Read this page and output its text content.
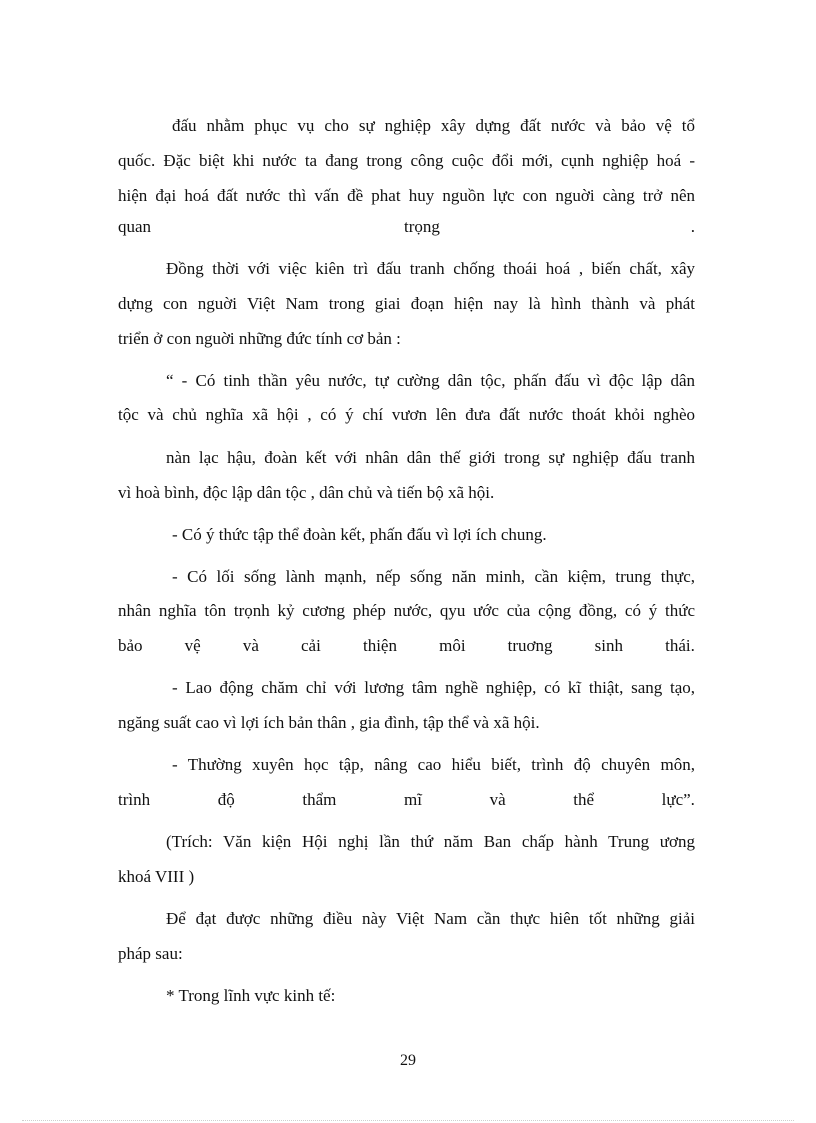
đấu nhằm phục vụ cho sự nghiệp xây dựng đất nước và bảo vệ tổ
quốc. Đặc biệt khi nước ta đang trong công cuộc đổi mới, cụnh nghiệp hoá -
hiện đại hoá đất nước thì vấn đề phat huy nguồn lực con nguời càng trở nên
quan	trọng	.
Đồng thời với việc kiên trì đấu tranh chống thoái hoá , biến chất, xây
dựng con nguời Việt Nam trong giai đoạn hiện nay là hình thành và phát
triển ở con nguời những đức tính cơ bản :
“ - Có tinh thần yêu nước, tự cường dân tộc, phấn đấu vì độc lập dân
tộc và chủ nghĩa xã hội , có ý chí vươn lên đưa đất nước thoát khỏi nghèo
nàn lạc hậu, đoàn kết với nhân dân thế giới trong sự nghiệp đấu tranh
vì hoà bình, độc lập dân tộc , dân chủ và tiến bộ xã hội.
- Có ý thức tập thể đoàn kết, phấn đấu vì lợi ích chung.
- Có lối sống lành mạnh, nếp sống năn minh, cần kiệm, trung thực,
nhân nghĩa tôn trọnh kỷ cương phép nước, qyu ước của cộng đồng, có ý thức
bảo vệ và cải thiện môi truơng sinh thái.
- Lao động chăm chỉ với lương tâm nghề nghiệp, có kĩ thiật, sang tạo,
ngăng suất cao vì lợi ích bản thân , gia đình, tập thể và xã hội.
- Thường xuyên học tập, nâng cao hiểu biết, trình độ chuyên môn,
trình	độ	thẩm	mĩ	và	thể	lực”.
(Trích: Văn kiện Hội nghị lần thứ năm Ban chấp hành Trung ương
khoá VIII )
Để đạt được những điều này Việt Nam cần thực hiên tốt những giải
pháp sau:
* Trong lĩnh vực kinh tế:
29
